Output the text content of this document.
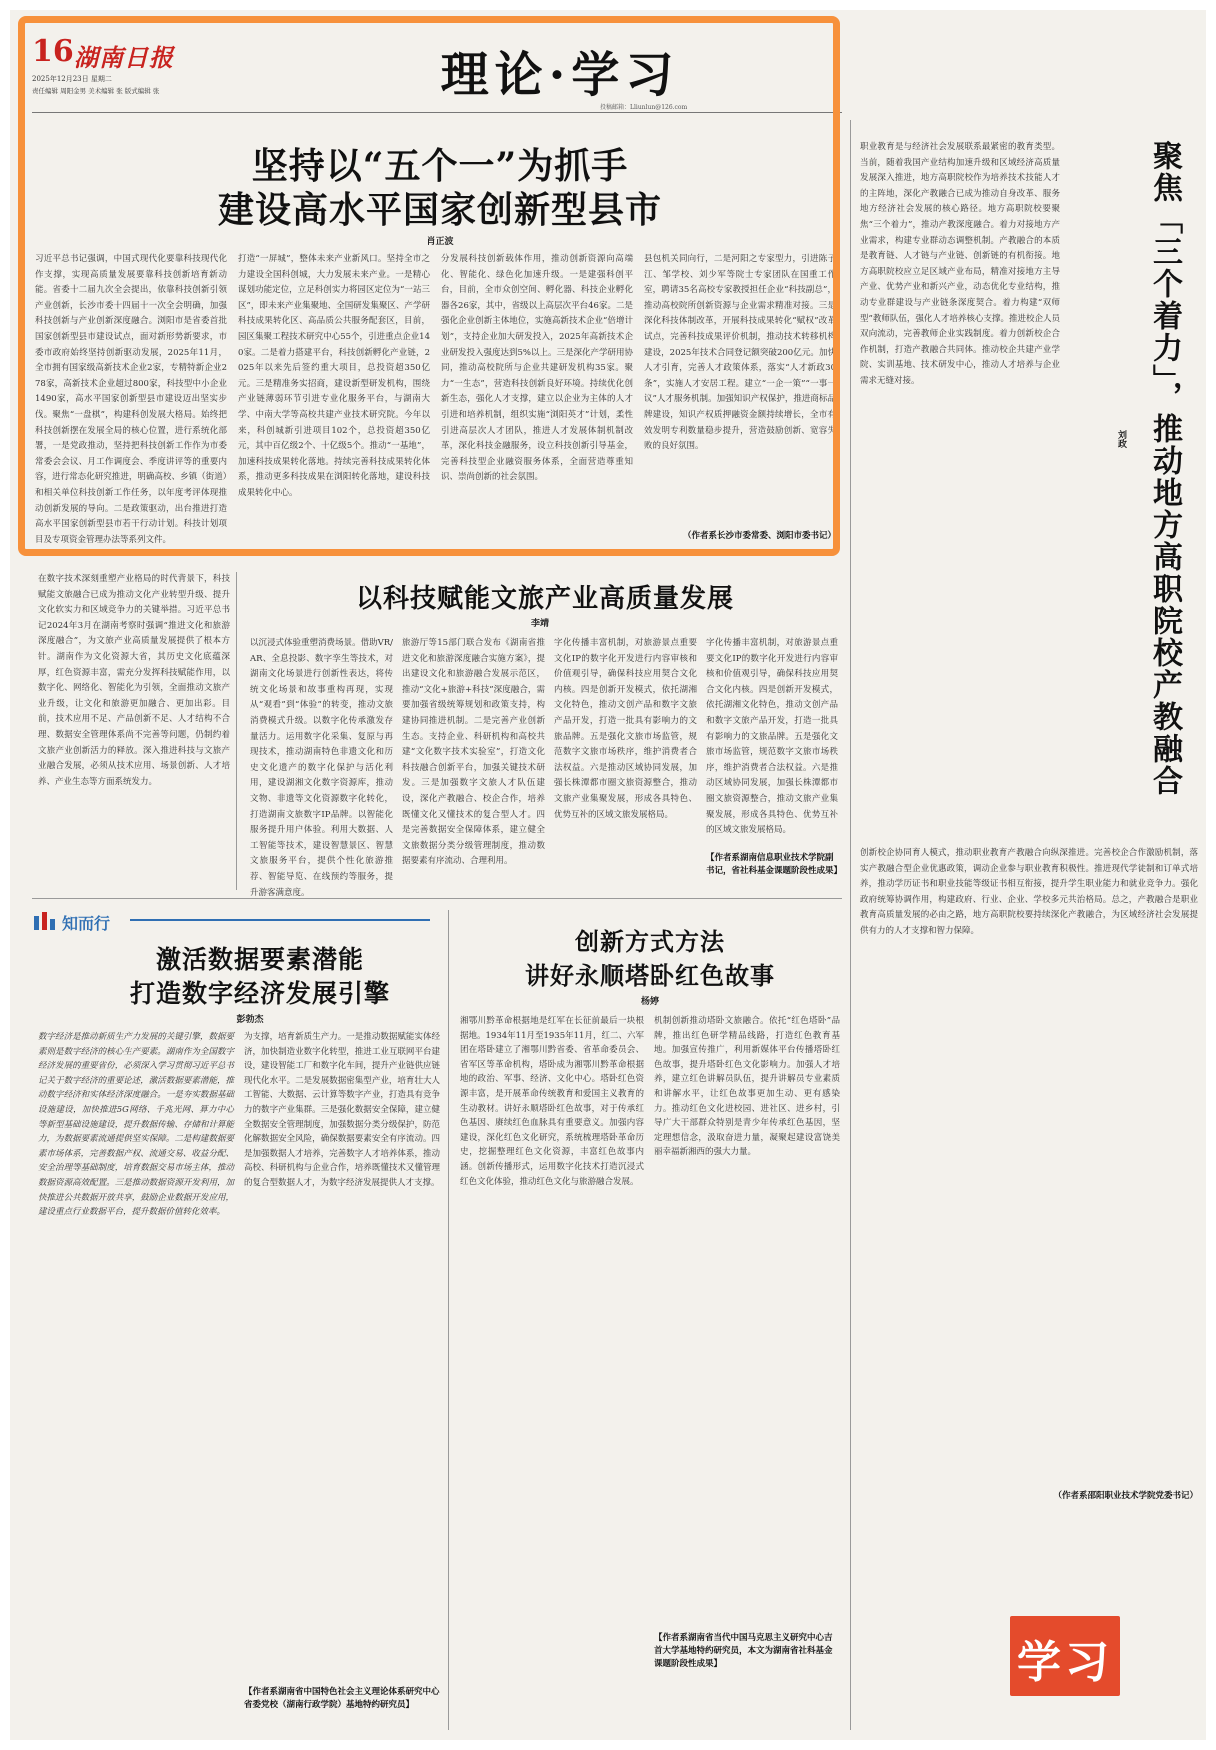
16 湖南日报
2025年12月23日 星期二
责任编辑 周阳金男 美术编辑 张 版式编辑 张	理论·学习
投稿邮箱：Lliunlun@126.com
坚持以“五个一”为抓手
建设高水平国家创新型县市
肖正波
习近平总书记强调，中国式现代化要靠科技现代化作支撑，实现高质量发展要靠科技创新培育新动能。省委十二届九次全会提出，依靠科技创新引领产业创新，长沙市委十四届十一次全会明确，加强科技创新与产业创新深度融合。浏阳市是省委首批国家创新型县市建设试点，面对新形势新要求，市委市政府始终坚持创新驱动发展，2025年11月，全市拥有国家级高新技术企业2家，专精特新企业278家，高新技术企业超过800家，科技型中小企业1490家，高水平国家创新型县市建设迈出坚实步伐。聚焦“一盘棋”，构建科创发展大格局。始终把科技创新摆在发展全局的核心位置，进行系统化部署，一是党政推动，坚持把科技创新工作作为市委常委会会议、月工作调度会、季度讲评等的重要内容，进行常态化研究推进，明确高校、乡镇（街道）和相关单位科技创新工作任务，以年度考评体现推动创新发展的导向。二是政策驱动，出台推进打造高水平国家创新型县市若干行动计划。科技计划项目及专项资金管理办法等系列文件。
打造“一屏城”，整体未来产业新风口。坚持全市之力建设全国科创城，大力发展未来产业。一是精心谋划功能定位，立足科创实力将园区定位为“一站三区”，即未来产业集聚地、全国研发集聚区、产学研科技成果转化区、高品质公共服务配套区，目前，园区集聚工程技术研究中心55个，引进重点企业140家。二是着力搭建平台，科技创新孵化产业链，2025年以来先后签约重大项目，总投资超350亿元。三是精准务实招商，建设新型研发机构，围绕产业链薄弱环节引进专业化服务平台，与湖南大学、中南大学等高校共建产业技术研究院。今年以来，科创城新引进项目102个，总投资超350亿元，其中百亿级2个、十亿级5个。推动“一基地”，加速科技成果转化落地。持续完善科技成果转化体系，推动更多科技成果在浏阳转化落地，建设科技成果转化中心。
分发展科技创新载体作用，推动创新资源向高端化、智能化、绿色化加速升级。一是建强科创平台，目前，全市众创空间、孵化器、科技企业孵化器各26家，其中，省级以上高层次平台46家。二是强化企业创新主体地位，实施高新技术企业“倍增计划”，支持企业加大研发投入，2025年高新技术企业研发投入强度达到5%以上。三是深化产学研用协同，推动高校院所与企业共建研发机构35家。聚力“一生态”，营造科技创新良好环境。持续优化创新生态，强化人才支撑，建立以企业为主体的人才引进和培养机制，组织实施“浏阳英才”计划，柔性引进高层次人才团队，推进人才发展体制机制改革，深化科技金融服务，设立科技创新引导基金，完善科技型企业融资服务体系，全面营造尊重知识、崇尚创新的社会氛围。
县包机关同向行，二是河阳之专家型力，引进陈子江、邹学校、刘少军等院士专家团队在国重工作室，聘请35名高校专家教授担任企业“科技副总”，推动高校院所创新资源与企业需求精准对接。三是深化科技体制改革，开展科技成果转化“赋权”改革试点，完善科技成果评价机制，推动技术转移机构建设，2025年技术合同登记额突破200亿元。加快人才引育，完善人才政策体系，落实“人才新政30条”，实施人才安居工程。建立“一企一策”“一事一议”人才服务机制。加强知识产权保护，推进商标品牌建设，知识产权质押融资金额持续增长，全市有效发明专利数量稳步提升，营造鼓励创新、宽容失败的良好氛围。
（作者系长沙市委常委、浏阳市委书记）
在数字技术深刻重塑产业格局的时代背景下，科技赋能文旅融合已成为推动文化产业转型升级、提升文化软实力和区域竞争力的关键举措。习近平总书记2024年3月在湖南考察时强调“推进文化和旅游深度融合”，为文旅产业高质量发展提供了根本方针。湖南作为文化资源大省，其历史文化底蕴深厚，红色资源丰富，需充分发挥科技赋能作用，以数字化、网络化、智能化为引领，全面推动文旅产业升级，让文化和旅游更加融合、更加出彩。目前，技术应用不足、产品创新不足、人才结构不合理、数据安全管理体系尚不完善等问题，仍制约着文旅产业创新活力的释放。深入推进科技与文旅产业融合发展，必须从技术应用、场景创新、人才培养、产业生态等方面系统发力。
以科技赋能文旅产业高质量发展
李靖
以沉浸式体验重塑消费场景。借助VR/AR、全息投影、数字孪生等技术，对湖南文化场景进行创新性表达，将传统文化场景和故事重构再现，实现从“观看”到“体验”的转变，推动文旅消费模式升级。以数字化传承激发存量活力。运用数字化采集、复原与再现技术，推动湖南特色非遗文化和历史文化遗产的数字化保护与活化利用，建设湖湘文化数字资源库，推动文物、非遗等文化资源数字化转化，打造湖南文旅数字IP品牌。以智能化服务提升用户体验。利用大数据、人工智能等技术，建设智慧景区、智慧文旅服务平台，提供个性化旅游推荐、智能导览、在线预约等服务，提升游客满意度。
旅游厅等15部门联合发布《湖南省推进文化和旅游深度融合实施方案》，提出建设文化和旅游融合发展示范区，推动“文化+旅游+科技”深度融合，需要加强省级统筹规划和政策支持，构建协同推进机制。二是完善产业创新生态。支持企业、科研机构和高校共建“文化数字技术实验室”，打造文化科技融合创新平台，加强关键技术研发。三是加强数字文旅人才队伍建设，深化产教融合、校企合作，培养既懂文化又懂技术的复合型人才。四是完善数据安全保障体系，建立健全文旅数据分类分级管理制度，推动数据要素有序流动、合理利用。
字化传播丰富机制，对旅游景点重要文化IP的数字化开发进行内容审核和价值观引导，确保科技应用契合文化内核。四是创新开发模式，依托湖湘文化特色，推动文创产品和数字文旅产品开发，打造一批具有影响力的文旅品牌。五是强化文旅市场监管，规范数字文旅市场秩序，维护消费者合法权益。六是推动区域协同发展，加强长株潭都市圈文旅资源整合，推动文旅产业集聚发展，形成各具特色、优势互补的区域文旅发展格局。
字化传播丰富机制，对旅游景点重要文化IP的数字化开发进行内容审核和价值观引导，确保科技应用契合文化内核。四是创新开发模式，依托湖湘文化特色，推动文创产品和数字文旅产品开发，打造一批具有影响力的文旅品牌。五是强化文旅市场监管，规范数字文旅市场秩序，维护消费者合法权益。六是推动区域协同发展，加强长株潭都市圈文旅资源整合，推动文旅产业集聚发展，形成各具特色、优势互补的区域文旅发展格局。
【作者系湖南信息职业技术学院副书记，省社科基金课题阶段性成果】
知而行
激活数据要素潜能
打造数字经济发展引擎
彭勃杰
数字经济是推动新质生产力发展的关键引擎，数据要素则是数字经济的核心生产要素。湖南作为全国数字经济发展的重要省份，必须深入学习贯彻习近平总书记关于数字经济的重要论述，激活数据要素潜能，推动数字经济和实体经济深度融合。一是夯实数据基础设施建设，加快推进5G网络、千兆光网、算力中心等新型基础设施建设，提升数据传输、存储和计算能力，为数据要素流通提供坚实保障。二是构建数据要素市场体系，完善数据产权、流通交易、收益分配、安全治理等基础制度，培育数据交易市场主体，推动数据资源高效配置。三是推动数据资源开发利用，加快推进公共数据开放共享，鼓励企业数据开发应用，建设重点行业数据平台，提升数据价值转化效率。
为支撑，培育新质生产力。一是推动数据赋能实体经济，加快制造业数字化转型，推进工业互联网平台建设，建设智能工厂和数字化车间，提升产业链供应链现代化水平。二是发展数据密集型产业，培育壮大人工智能、大数据、云计算等数字产业，打造具有竞争力的数字产业集群。三是强化数据安全保障，建立健全数据安全管理制度，加强数据分类分级保护，防范化解数据安全风险，确保数据要素安全有序流动。四是加强数据人才培养，完善数字人才培养体系，推动高校、科研机构与企业合作，培养既懂技术又懂管理的复合型数据人才，为数字经济发展提供人才支撑。
【作者系湖南省中国特色社会主义理论体系研究中心省委党校（湖南行政学院）基地特约研究员】
创新方式方法
讲好永顺塔卧红色故事
杨婷
湘鄂川黔革命根据地是红军在长征前最后一块根据地。1934年11月至1935年11月，红二、六军团在塔卧建立了湘鄂川黔省委、省革命委员会、省军区等革命机构，塔卧成为湘鄂川黔革命根据地的政治、军事、经济、文化中心。塔卧红色资源丰富，是开展革命传统教育和爱国主义教育的生动教材。讲好永顺塔卧红色故事，对于传承红色基因、赓续红色血脉具有重要意义。加强内容建设，深化红色文化研究，系统梳理塔卧革命历史，挖掘整理红色文化资源，丰富红色故事内涵。创新传播形式，运用数字化技术打造沉浸式红色文化体验，推动红色文化与旅游融合发展。
机制创新推动塔卧文旅融合。依托“红色塔卧”品牌，推出红色研学精品线路，打造红色教育基地。加强宣传推广，利用新媒体平台传播塔卧红色故事，提升塔卧红色文化影响力。加强人才培养，建立红色讲解员队伍，提升讲解员专业素质和讲解水平，让红色故事更加生动、更有感染力。推动红色文化进校园、进社区、进乡村，引导广大干部群众特别是青少年传承红色基因，坚定理想信念，汲取奋进力量，凝聚起建设富饶美丽幸福新湘西的强大力量。
【作者系湖南省当代中国马克思主义研究中心吉首大学基地特约研究员，本文为湖南省社科基金课题阶段性成果】
聚焦「三个着力」，推动地方高职院校产教融合
刘政
职业教育是与经济社会发展联系最紧密的教育类型。当前，随着我国产业结构加速升级和区域经济高质量发展深入推进，地方高职院校作为培养技术技能人才的主阵地，深化产教融合已成为推动自身改革、服务地方经济社会发展的核心路径。地方高职院校要聚焦“三个着力”，推动产教深度融合。着力对接地方产业需求，构建专业群动态调整机制。产教融合的本质是教育链、人才链与产业链、创新链的有机衔接。地方高职院校应立足区域产业布局，精准对接地方主导产业、优势产业和新兴产业，动态优化专业结构，推动专业群建设与产业链条深度契合。着力构建“双师型”教师队伍，强化人才培养核心支撑。推进校企人员双向流动，完善教师企业实践制度。着力创新校企合作机制，打造产教融合共同体。推动校企共建产业学院、实训基地、技术研发中心，推动人才培养与企业需求无缝对接。
创新校企协同育人模式，推动职业教育产教融合向纵深推进。完善校企合作激励机制，落实产教融合型企业优惠政策，调动企业参与职业教育积极性。推进现代学徒制和订单式培养，推动学历证书和职业技能等级证书相互衔接，提升学生职业能力和就业竞争力。强化政府统筹协调作用，构建政府、行业、企业、学校多元共治格局。总之，产教融合是职业教育高质量发展的必由之路，地方高职院校要持续深化产教融合，为区域经济社会发展提供有力的人才支撑和智力保障。
（作者系邵阳职业技术学院党委书记）
学习
